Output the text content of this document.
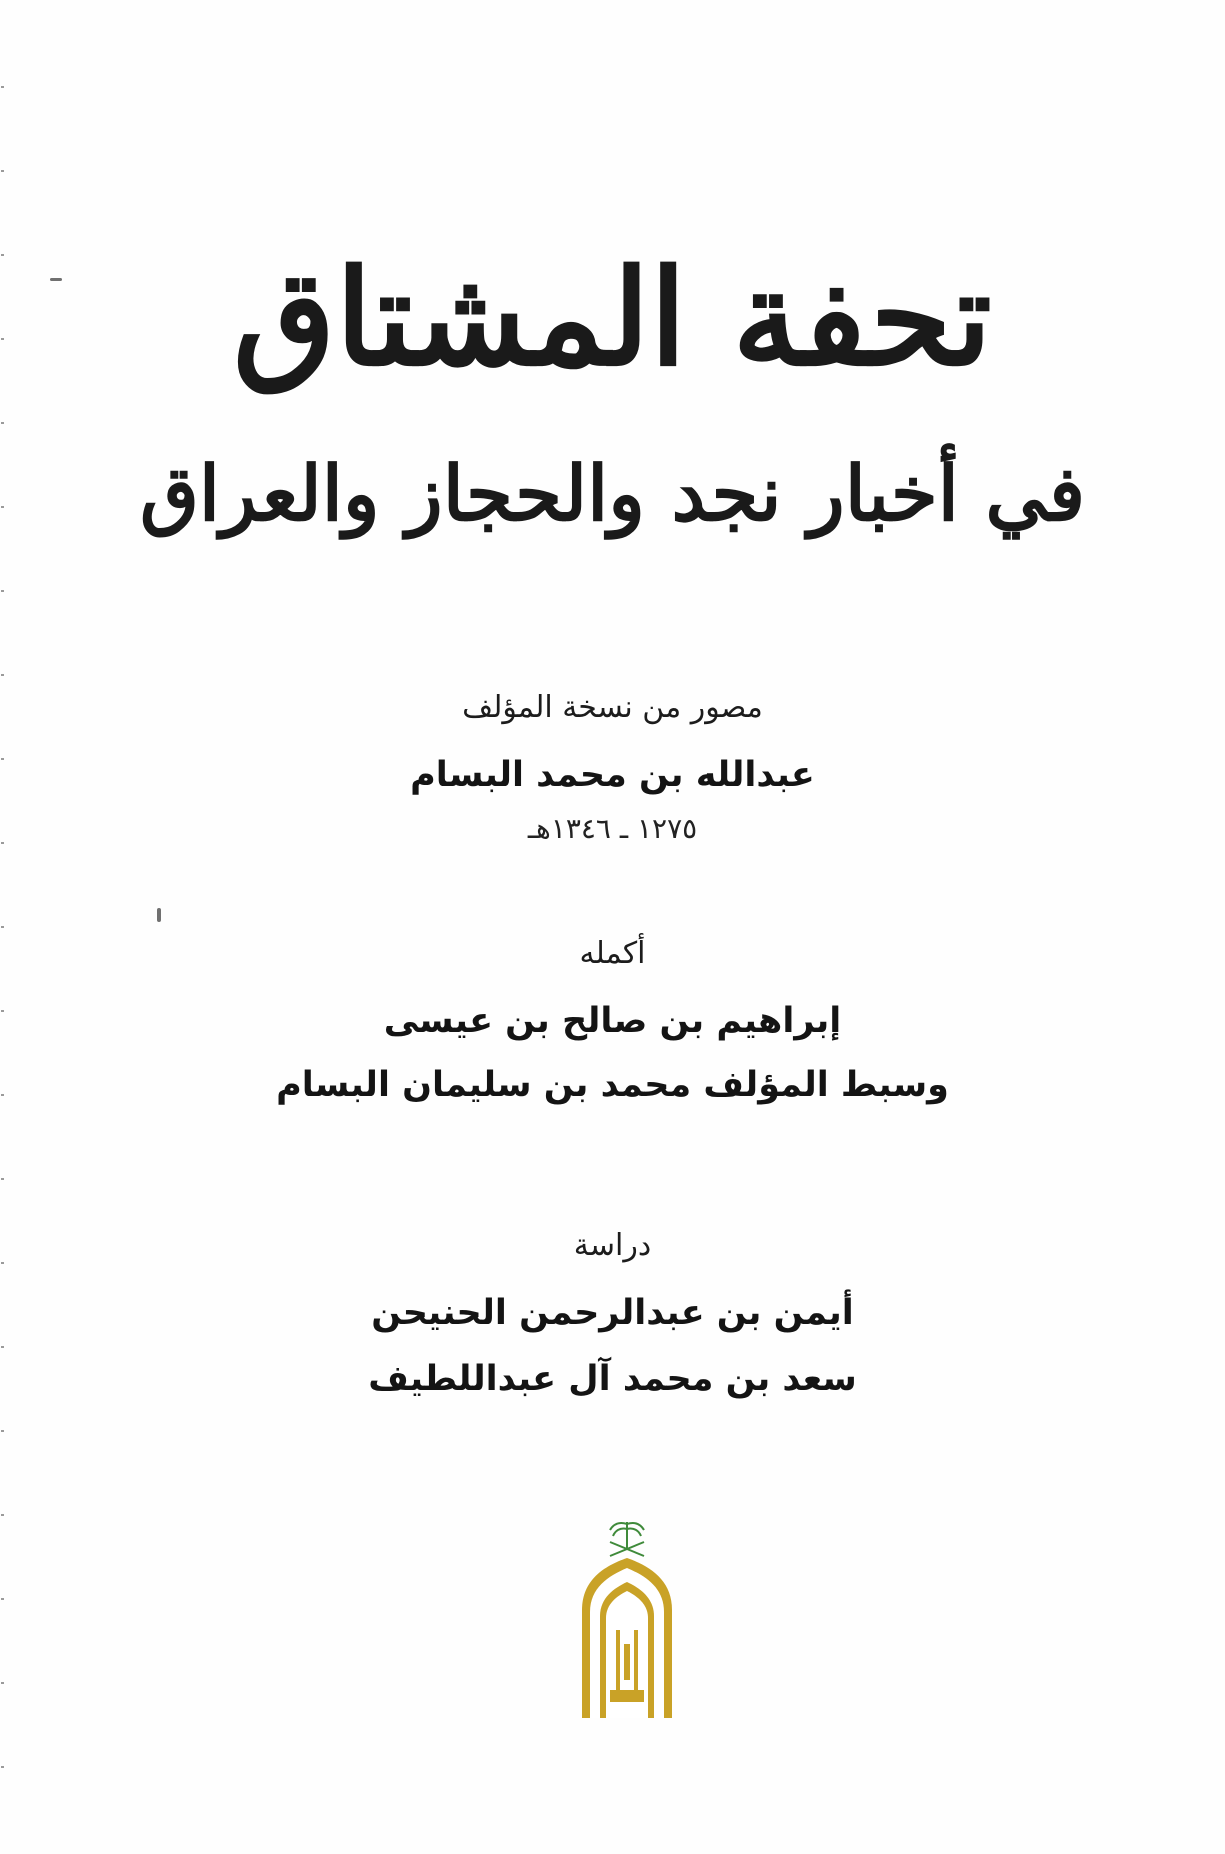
تحفة المشتاق
في أخبار نجد والحجاز والعراق
مصور من نسخة المؤلف
عبدالله بن محمد البسام
١٢٧٥ ـ ١٣٤٦هـ
أكمله
إبراهيم بن صالح بن عيسى
وسبط المؤلف محمد بن سليمان البسام
دراسة
أيمن بن عبدالرحمن الحنيحن
سعد بن محمد آل عبداللطيف
